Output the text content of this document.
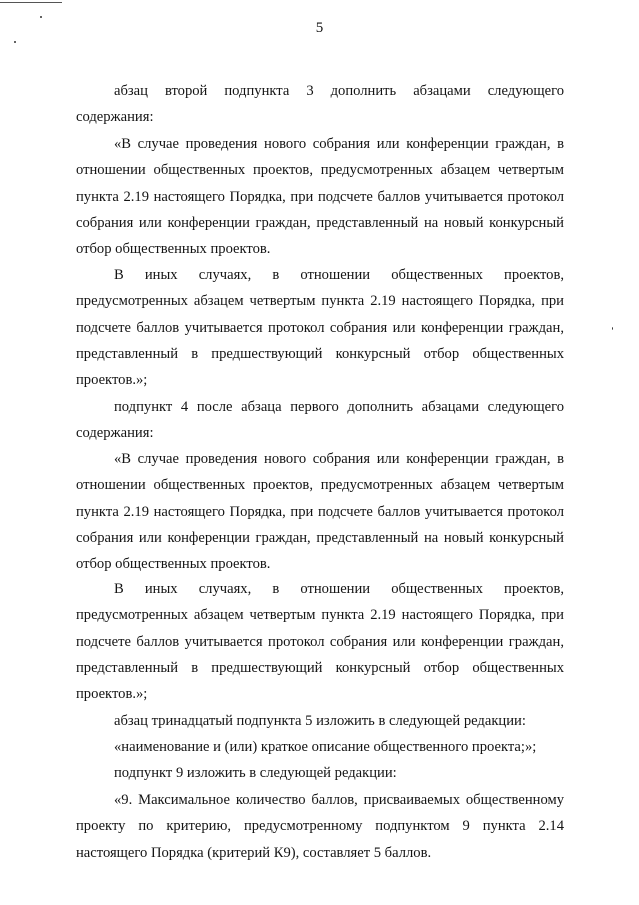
5

абзац второй подпункта 3 дополнить абзацами следующего содержания:

«В случае проведения нового собрания или конференции граждан, в отношении общественных проектов, предусмотренных абзацем четвертым пункта 2.19 настоящего Порядка, при подсчете баллов учитывается протокол собрания или конференции граждан, представленный на новый конкурсный отбор общественных проектов.

В иных случаях, в отношении общественных проектов, предусмотренных абзацем четвертым пункта 2.19 настоящего Порядка, при подсчете баллов учитывается протокол собрания или конференции граждан, представленный в предшествующий конкурсный отбор общественных проектов.»;

подпункт 4 после абзаца первого дополнить абзацами следующего содержания:

«В случае проведения нового собрания или конференции граждан, в отношении общественных проектов, предусмотренных абзацем четвертым пункта 2.19 настоящего Порядка, при подсчете баллов учитывается протокол собрания или конференции граждан, представленный на новый конкурсный отбор общественных проектов.

В иных случаях, в отношении общественных проектов, предусмотренных абзацем четвертым пункта 2.19 настоящего Порядка, при подсчете баллов учитывается протокол собрания или конференции граждан, представленный в предшествующий конкурсный отбор общественных проектов.»;

абзац тринадцатый подпункта 5 изложить в следующей редакции:

«наименование и (или) краткое описание общественного проекта;»;

подпункт 9 изложить в следующей редакции:

«9. Максимальное количество баллов, присваиваемых общественному проекту по критерию, предусмотренному подпунктом 9 пункта 2.14 настоящего Порядка (критерий К9), составляет 5 баллов.
